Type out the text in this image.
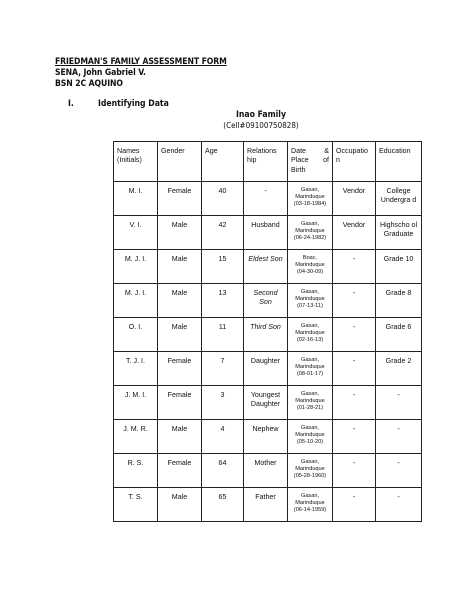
FRIEDMAN'S FAMILY ASSESSMENT FORM
SENA, John Gabriel V.
BSN 2C AQUINO
I.	Identifying Data
Inao Family
(Cell#09100750828)
Names (Initials)	Gender	Age	Relations hip	Date & Place of Birth	Occupatio n	Education
M. I.	Female	40	-	Gasan, Marinduque (03-18-1984)	Vendor	College Undergra d
V. I.	Male	42	Husband	Gasan, Marinduque (06-24-1982)	Vendor	Highscho ol Graduate
M. J. I.	Male	15	Eldest Son	Boac, Marinduque (04-30-09)	-	Grade 10
M. J. I.	Male	13	Second Son	Gasan, Marinduque (07-13-11)	-	Grade 8
O. I.	Male	11	Third Son	Gasan, Marinduque (02-16-13)	-	Grade 6
T. J. I.	Female	7	Daughter	Gasan, Marinduque (08-01-17)	-	Grade 2
J. M. I.	Female	3	Youngest Daughter	Gasan, Marinduque (01-28-21)	-	-
J. M. R.	Male	4	Nephew	Gasan, Marinduque (05-10-20)	-	-
R. S.	Female	64	Mother	Gasan, Marinduque (05-28-1960)	-	-
T. S.	Male	65	Father	Gasan, Marinduque (06-14-1959)	-	-
